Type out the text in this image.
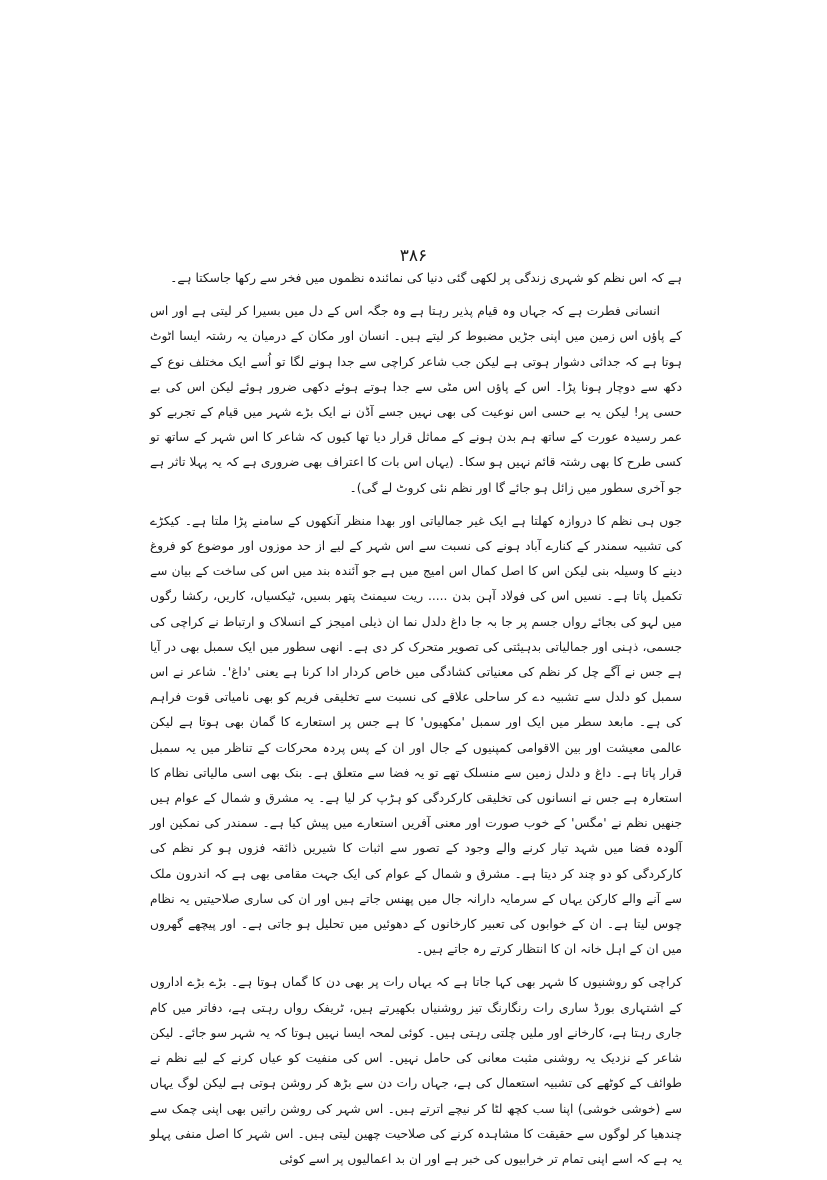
۳۸۶

ہے کہ اس نظم کو شہری زندگی پر لکھی گئی دنیا کی نمائندہ نظموں میں فخر سے رکھا جاسکتا ہے۔

انسانی فطرت ہے کہ جہاں وہ قیام پذیر رہتا ہے وہ جگہ اس کے دل میں بسیرا کر لیتی ہے اور اس کے پاؤں اس زمین میں اپنی جڑیں مضبوط کر لیتے ہیں۔ انسان اور مکان کے درمیان یہ رشتہ ایسا اٹوٹ ہوتا ہے کہ جدائی دشوار ہوتی ہے لیکن جب شاعر کراچی سے جدا ہونے لگا تو اُسے ایک مختلف نوع کے دکھ سے دوچار ہونا پڑا۔ اس کے پاؤں اس مٹی سے جدا ہوتے ہوئے دکھی ضرور ہوئے لیکن اس کی بے حسی پر! لیکن یہ بے حسی اس نوعیت کی بھی نہیں جسے آڈن نے ایک بڑے شہر میں قیام کے تجربے کو عمر رسیدہ عورت کے ساتھ ہم بدن ہونے کے مماثل قرار دیا تھا کیوں کہ شاعر کا اس شہر کے ساتھ تو کسی طرح کا بھی رشتہ قائم نہیں ہو سکا۔ (یہاں اس بات کا اعتراف بھی ضروری ہے کہ یہ پہلا تاثر ہے جو آخری سطور میں زائل ہو جائے گا اور نظم نئی کروٹ لے گی)۔

جوں ہی نظم کا دروازہ کھلتا ہے ایک غیر جمالیاتی اور بھدا منظر آنکھوں کے سامنے پڑا ملتا ہے۔ کیکڑے کی تشبیہ سمندر کے کنارے آباد ہونے کی نسبت سے اس شہر کے لیے از حد موزوں اور موضوع کو فروغ دینے کا وسیلہ بنی لیکن اس کا اصل کمال اس امیج میں ہے جو آئندہ بند میں اس کی ساخت کے بیان سے تکمیل پاتا ہے۔ نسیں اس کی فولاد آہن بدن ..... ریت سیمنٹ پتھر بسیں، ٹیکسیاں، کاریں، رکشا رگوں میں لہو کی بجائے رواں جسم پر جا بہ جا داغ دلدل نما ان ذیلی امیجز کے انسلاک و ارتباط نے کراچی کی جسمی، ذہنی اور جمالیاتی بدہیئتی کی تصویر متحرک کر دی ہے۔ انھی سطور میں ایک سمبل بھی در آیا ہے جس نے آگے چل کر نظم کی معنیاتی کشادگی میں خاص کردار ادا کرنا ہے یعنی 'داغ'۔ شاعر نے اس سمبل کو دلدل سے تشبیہ دے کر ساحلی علاقے کی نسبت سے تخلیقی فریم کو بھی نامیاتی قوت فراہم کی ہے۔ مابعد سطر میں ایک اور سمبل 'مکھیوں' کا ہے جس پر استعارے کا گمان بھی ہوتا ہے لیکن عالمی معیشت اور بین الاقوامی کمپنیوں کے جال اور ان کے پس پردہ محرکات کے تناظر میں یہ سمبل قرار پاتا ہے۔ داغ و دلدل زمین سے منسلک تھے تو یہ فضا سے متعلق ہے۔ بنک بھی اسی مالیاتی نظام کا استعارہ ہے جس نے انسانوں کی تخلیقی کارکردگی کو ہڑپ کر لیا ہے۔ یہ مشرق و شمال کے عوام ہیں جنھیں نظم نے 'مگس' کے خوب صورت اور معنی آفریں استعارے میں پیش کیا ہے۔ سمندر کی نمکین اور آلودہ فضا میں شہد تیار کرنے والے وجود کے تصور سے اثبات کا شیریں ذائقہ فزوں ہو کر نظم کی کارکردگی کو دو چند کر دیتا ہے۔ مشرق و شمال کے عوام کی ایک جہت مقامی بھی ہے کہ اندرون ملک سے آنے والے کارکن یہاں کے سرمایہ دارانہ جال میں پھنس جاتے ہیں اور ان کی ساری صلاحیتیں یہ نظام چوس لیتا ہے۔ ان کے خوابوں کی تعبیر کارخانوں کے دھوئیں میں تحلیل ہو جاتی ہے۔ اور پیچھے گھروں میں ان کے اہل خانہ ان کا انتظار کرتے رہ جاتے ہیں۔

کراچی کو روشنیوں کا شہر بھی کہا جاتا ہے کہ یہاں رات پر بھی دن کا گماں ہوتا ہے۔ بڑے بڑے اداروں کے اشتہاری بورڈ ساری رات رنگارنگ تیز روشنیاں بکھیرتے ہیں، ٹریفک رواں رہتی ہے، دفاتر میں کام جاری رہتا ہے، کارخانے اور ملیں چلتی رہتی ہیں۔ کوئی لمحہ ایسا نہیں ہوتا کہ یہ شہر سو جائے۔ لیکن شاعر کے نزدیک یہ روشنی مثبت معانی کی حامل نہیں۔ اس کی منفیت کو عیاں کرنے کے لیے نظم نے طوائف کے کوٹھے کی تشبیہ استعمال کی ہے، جہاں رات دن سے بڑھ کر روشن ہوتی ہے لیکن لوگ یہاں سے (خوشی خوشی) اپنا سب کچھ لٹا کر نیچے اترتے ہیں۔ اس شہر کی روشن راتیں بھی اپنی چمک سے چندھیا کر لوگوں سے حقیقت کا مشاہدہ کرنے کی صلاحیت چھین لیتی ہیں۔ اس شہر کا اصل منفی پہلو یہ ہے کہ اسے اپنی تمام تر خرابیوں کی خبر ہے اور ان بد اعمالیوں پر اسے کوئی
